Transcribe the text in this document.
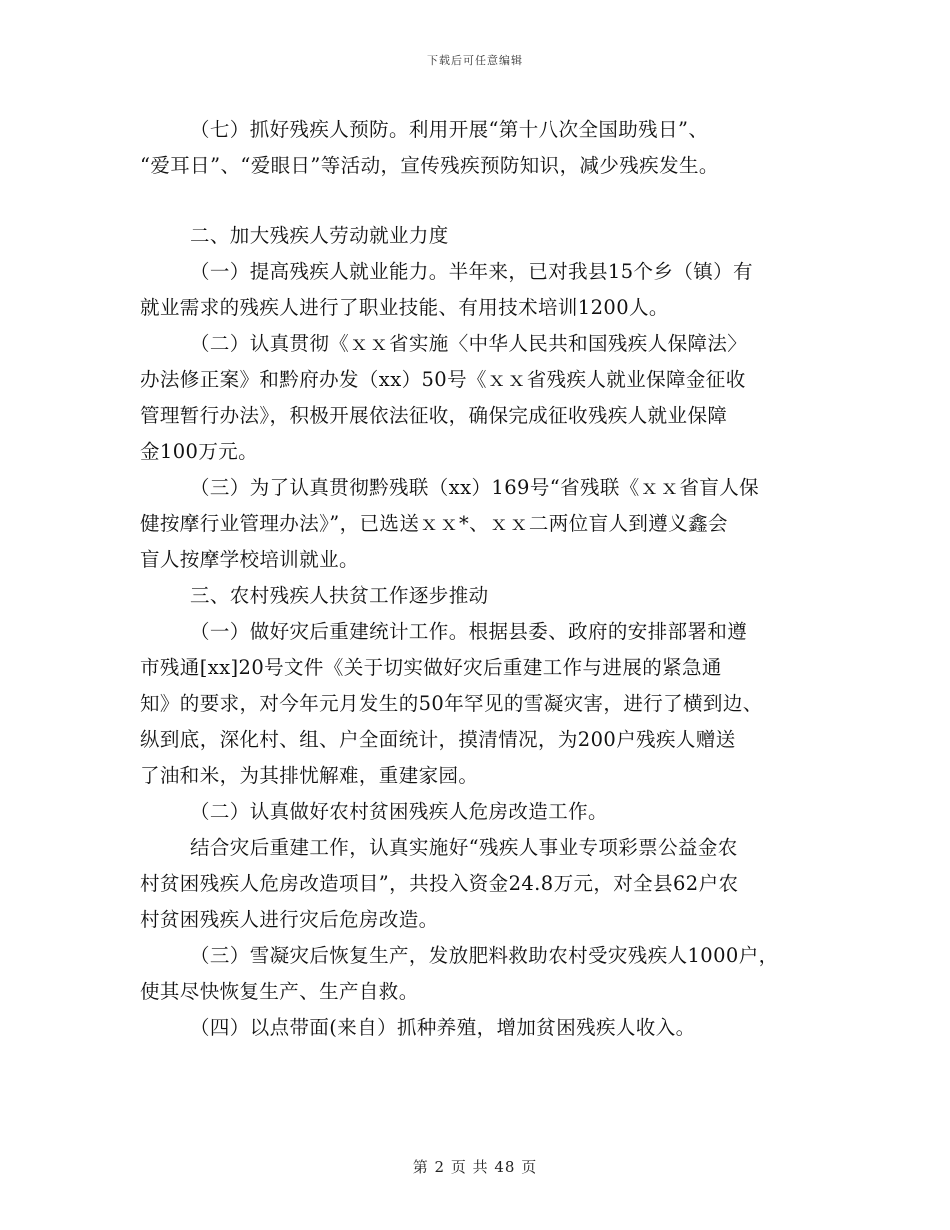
下载后可任意编辑
（七）抓好残疾人预防。利用开展“第十八次全国助残日”、
“爱耳日”、“爱眼日”等活动，宣传残疾预防知识，减少残疾发生。
二、加大残疾人劳动就业力度
（一）提高残疾人就业能力。半年来，已对我县15个乡（镇）有
就业需求的残疾人进行了职业技能、有用技术培训1200人。
（二）认真贯彻《ｘｘ省实施〈中华人民共和国残疾人保障法〉
办法修正案》和黔府办发（xx）50号《ｘｘ省残疾人就业保障金征收
管理暂行办法》，积极开展依法征收，确保完成征收残疾人就业保障
金100万元。
（三）为了认真贯彻黔残联（xx）169号“省残联《ｘｘ省盲人保
健按摩行业管理办法》”，已选送ｘｘ*、ｘｘ二两位盲人到遵义鑫会
盲人按摩学校培训就业。
三、农村残疾人扶贫工作逐步推动
（一）做好灾后重建统计工作。根据县委、政府的安排部署和遵
市残通[xx]20号文件《关于切实做好灾后重建工作与进展的紧急通
知》的要求，对今年元月发生的50年罕见的雪凝灾害，进行了横到边、
纵到底，深化村、组、户全面统计，摸清情况，为200户残疾人赠送
了油和米，为其排忧解难，重建家园。
（二）认真做好农村贫困残疾人危房改造工作。
结合灾后重建工作，认真实施好“残疾人事业专项彩票公益金农
村贫困残疾人危房改造项目”，共投入资金24.8万元，对全县62户农
村贫困残疾人进行灾后危房改造。
（三）雪凝灾后恢复生产，发放肥料救助农村受灾残疾人1000户，
使其尽快恢复生产、生产自救。
（四）以点带面(来自）抓种养殖，增加贫困残疾人收入。
第 2 页 共 48 页
